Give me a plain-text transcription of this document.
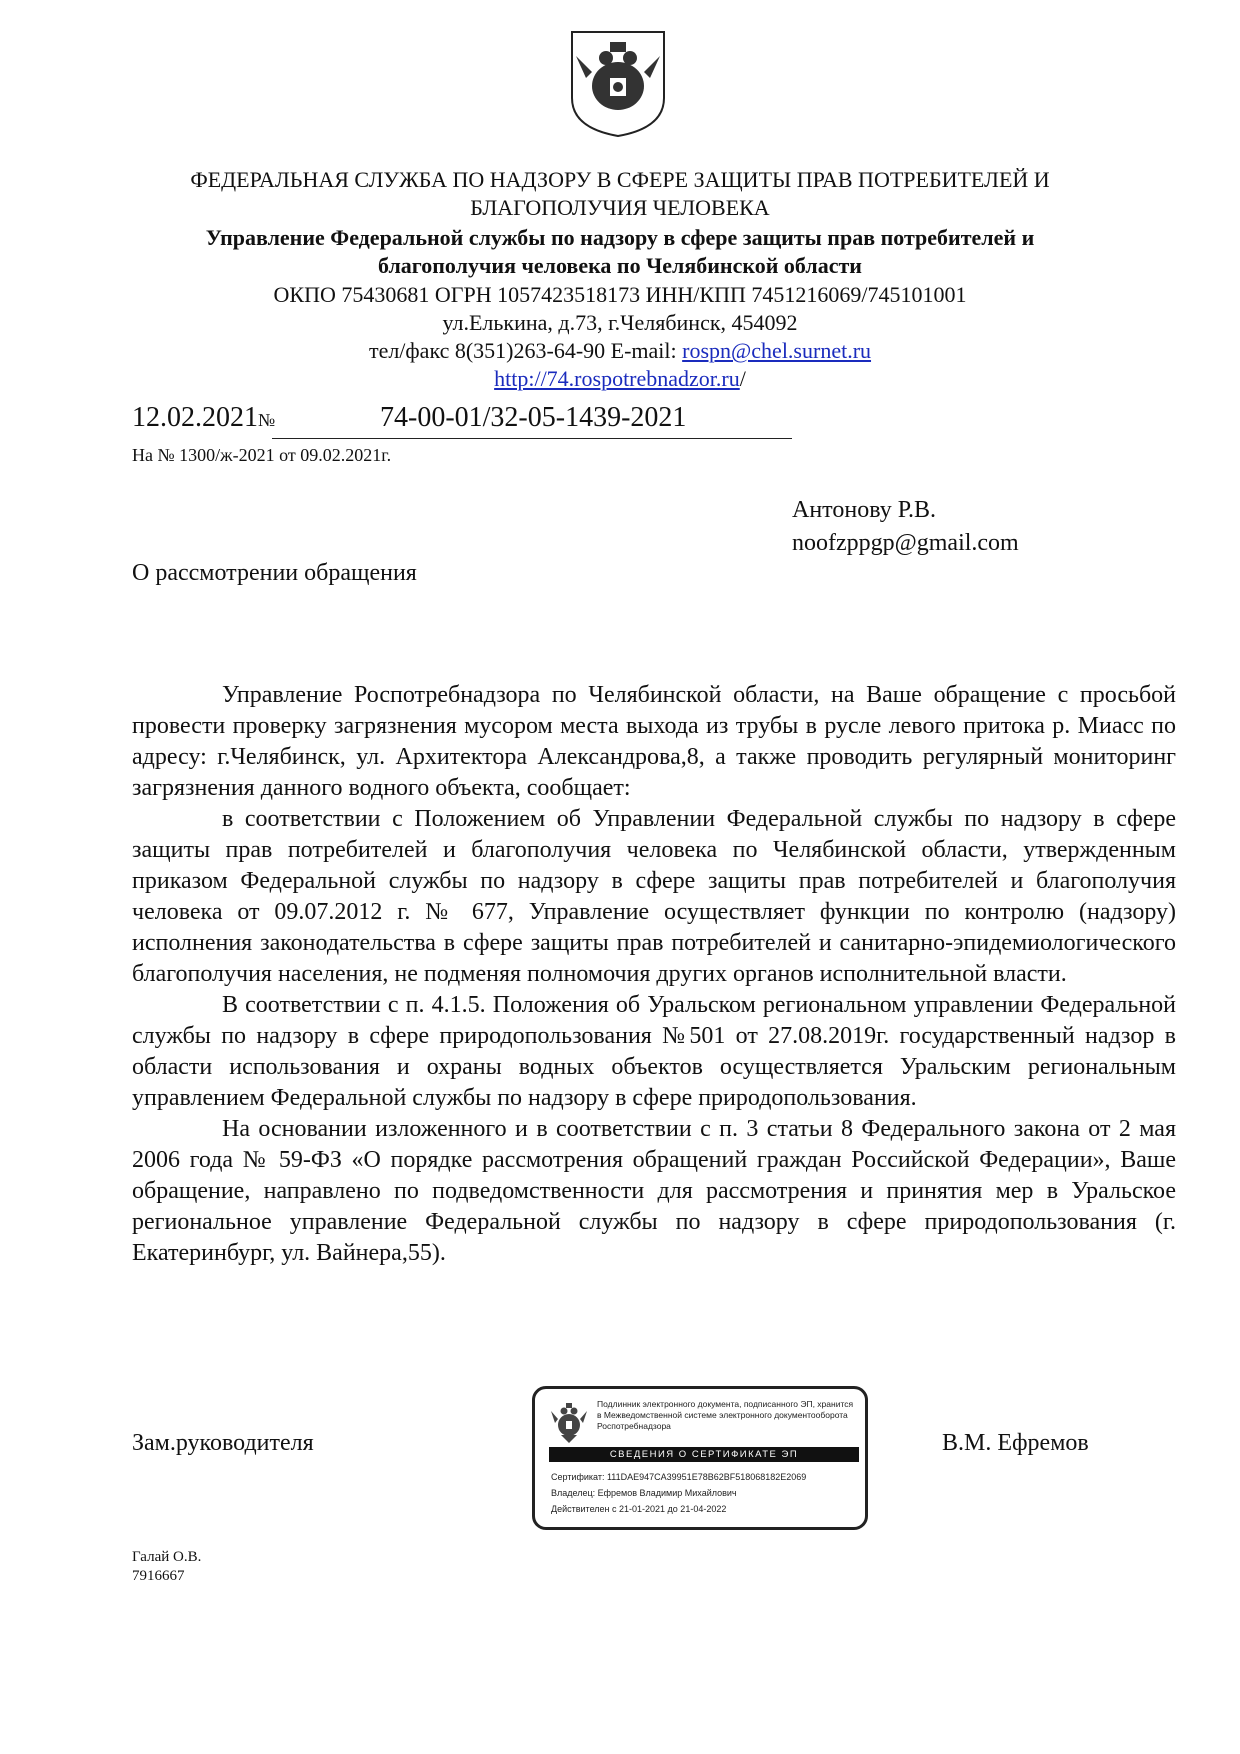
ФЕДЕРАЛЬНАЯ СЛУЖБА ПО НАДЗОРУ В СФЕРЕ ЗАЩИТЫ ПРАВ ПОТРЕБИТЕЛЕЙ И
БЛАГОПОЛУЧИЯ ЧЕЛОВЕКА
Управление Федеральной службы по надзору в сфере защиты прав потребителей и
благополучия человека по Челябинской области
ОКПО 75430681 ОГРН 1057423518173 ИНН/КПП 7451216069/745101001
ул.Елькина, д.73, г.Челябинск, 454092
тел/факс 8(351)263-64-90 E-mail: rospn@chel.surnet.ru
http://74.rospotrebnadzor.ru/
12.02.2021№	74-00-01/32-05-1439-2021
На № 1300/ж-2021 от 09.02.2021г.
Антонову Р.В.
noofzppgp@gmail.com
О рассмотрении обращения

Управление Роспотребнадзора по Челябинской области, на Ваше обращение с просьбой провести проверку загрязнения мусором места выхода из трубы в русле левого притока р. Миасс по адресу: г.Челябинск, ул. Архитектора Александрова,8, а также проводить регулярный мониторинг загрязнения данного водного объекта, сообщает:

в соответствии с Положением об Управлении Федеральной службы по надзору в сфере защиты прав потребителей и благополучия человека по Челябинской области, утвержденным приказом Федеральной службы по надзору в сфере защиты прав потребителей и благополучия человека от 09.07.2012 г. № 677, Управление осуществляет функции по контролю (надзору) исполнения законодательства в сфере защиты прав потребителей и санитарно-эпидемиологического благополучия населения, не подменяя полномочия других органов исполнительной власти.

В соответствии с п. 4.1.5. Положения об Уральском региональном управлении Федеральной службы по надзору в сфере природопользования №501 от 27.08.2019г. государственный надзор в области использования и охраны водных объектов осуществляется Уральским региональным управлением Федеральной службы по надзору в сфере природопользования.

На основании изложенного и в соответствии с п. 3 статьи 8 Федерального закона от 2 мая 2006 года № 59-ФЗ «О порядке рассмотрения обращений граждан Российской Федерации», Ваше обращение, направлено по подведомственности для рассмотрения и принятия мер в Уральское региональное управление Федеральной службы по надзору в сфере природопользования (г. Екатеринбург, ул. Вайнера,55).

Зам.руководителя	В.М. Ефремов
Подлинник электронного документа, подписанного ЭП, хранится в Межведомственной системе электронного документооборота Роспотребнадзора
СВЕДЕНИЯ О СЕРТИФИКАТЕ ЭП
Сертификат: 111DAE947CA39951E78B62BF518068182E2069
Владелец: Ефремов Владимир Михайлович
Действителен с 21-01-2021 до 21-04-2022
Галай О.В.
7916667
